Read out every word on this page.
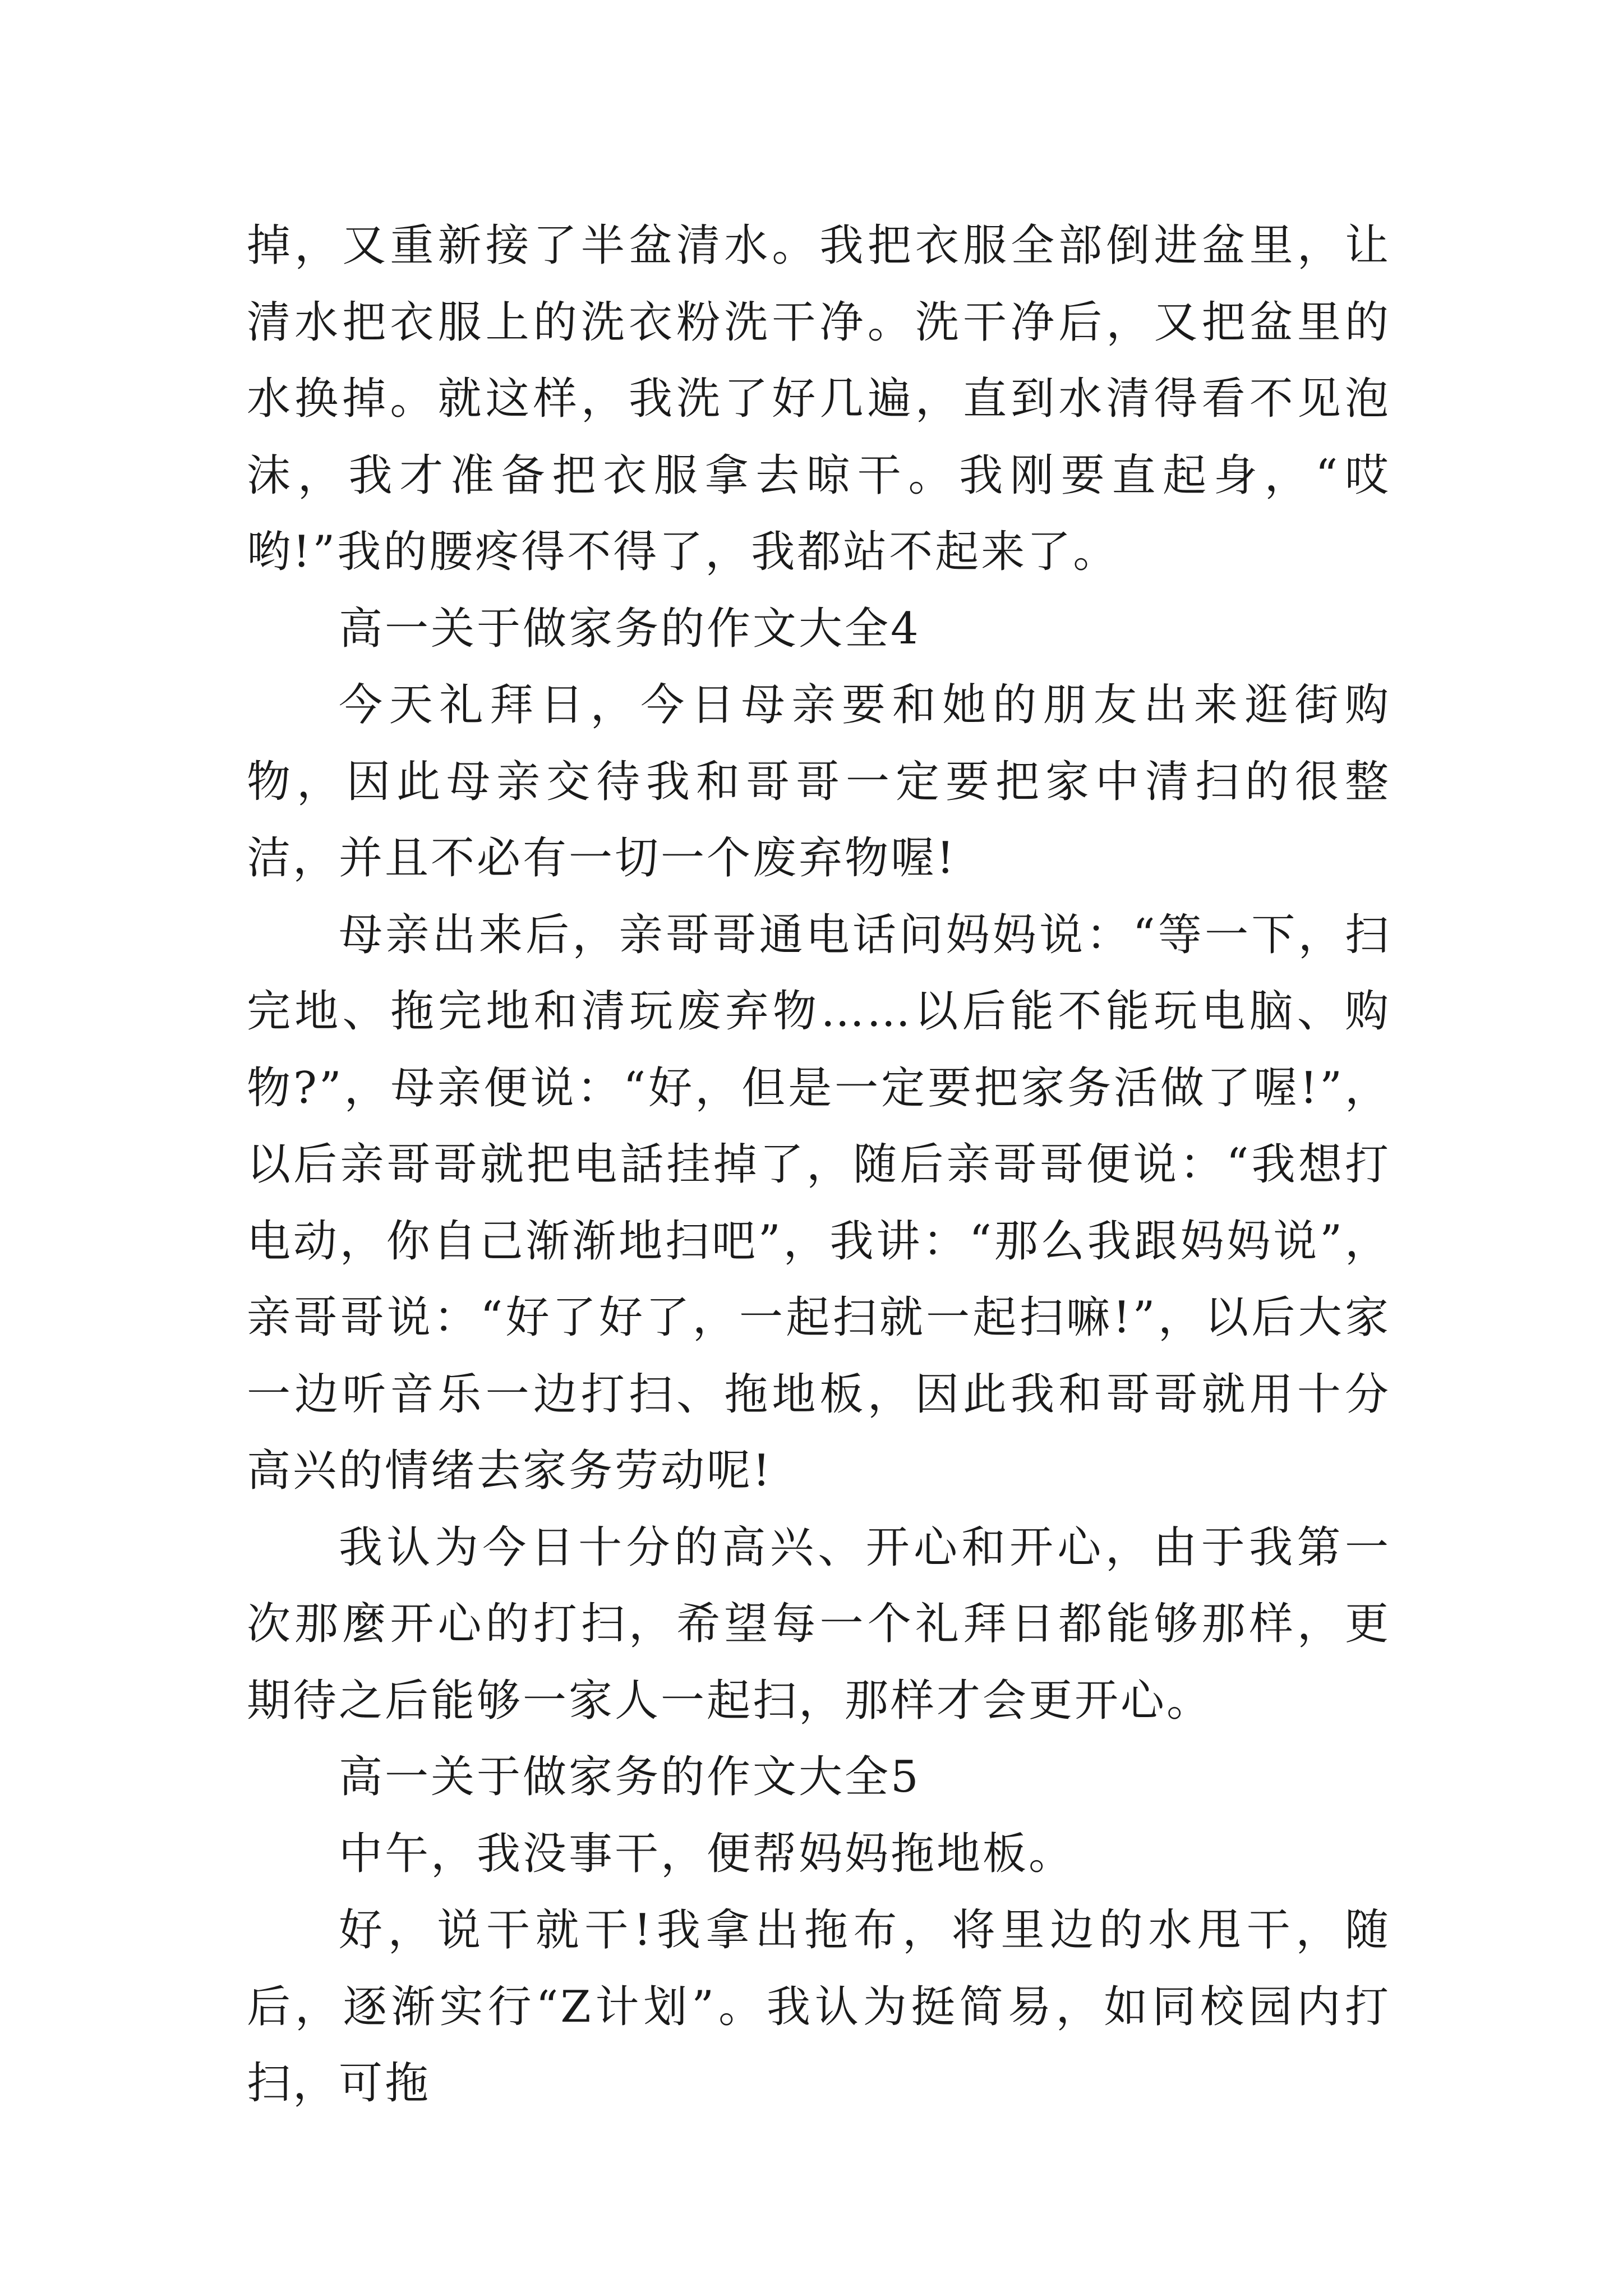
掉，又重新接了半盆清水。我把衣服全部倒进盆里，让清水把衣服上的洗衣粉洗干净。洗干净后，又把盆里的水换掉。就这样，我洗了好几遍，直到水清得看不见泡沫，我才准备把衣服拿去晾干。我刚要直起身，“哎哟!”我的腰疼得不得了，我都站不起来了。

高一关于做家务的作文大全4

今天礼拜日，今日母亲要和她的朋友出来逛街购物，因此母亲交待我和哥哥一定要把家中清扫的很整洁，并且不必有一切一个废弃物喔!

母亲出来后，亲哥哥通电话问妈妈说：“等一下，扫完地、拖完地和清玩废弃物……以后能不能玩电脑、购物?”，母亲便说：“好，但是一定要把家务活做了喔!”，以后亲哥哥就把电話挂掉了，随后亲哥哥便说：“我想打电动，你自己渐渐地扫吧”，我讲：“那么我跟妈妈说”，亲哥哥说：“好了好了，一起扫就一起扫嘛!”，以后大家一边听音乐一边打扫、拖地板，因此我和哥哥就用十分高兴的情绪去家务劳动呢!

我认为今日十分的高兴、开心和开心，由于我第一次那麼开心的打扫，希望每一个礼拜日都能够那样，更期待之后能够一家人一起扫，那样才会更开心。

高一关于做家务的作文大全5

中午，我没事干，便帮妈妈拖地板。

好，说干就干!我拿出拖布，将里边的水甩干，随后，逐渐实行“Z计划”。我认为挺简易，如同校园内打扫，可拖
